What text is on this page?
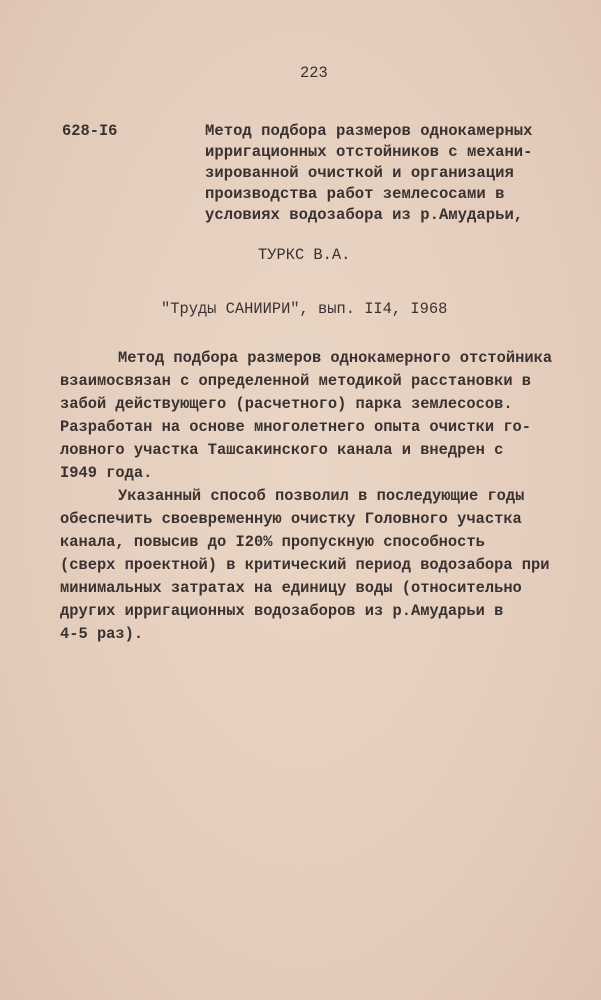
223
628-I6	Метод подбора размеров однокамерных
ирригационных отстойников с механи-
зированной очисткой и организация
производства работ землесосами в
условиях водозабора из р.Амударьи,
ТУРКС В.А.
"Труды САНИИРИ", вып. II4, I968
Метод подбора размеров однокамерного отстойника
взаимосвязан с определенной методикой расстановки в
забой действующего (расчетного) парка землесосов.
Разработан на основе многолетнего опыта очистки го-
ловного участка Ташсакинского канала и внедрен с
I949 года.
Указанный способ позволил в последующие годы
обеспечить своевременную очистку Головного участка
канала, повысив до I20% пропускную способность
(сверх проектной) в критический период водозабора при
минимальных затратах на единицу воды (относительно
других ирригационных водозаборов из р.Амударьи в
4-5 раз).
